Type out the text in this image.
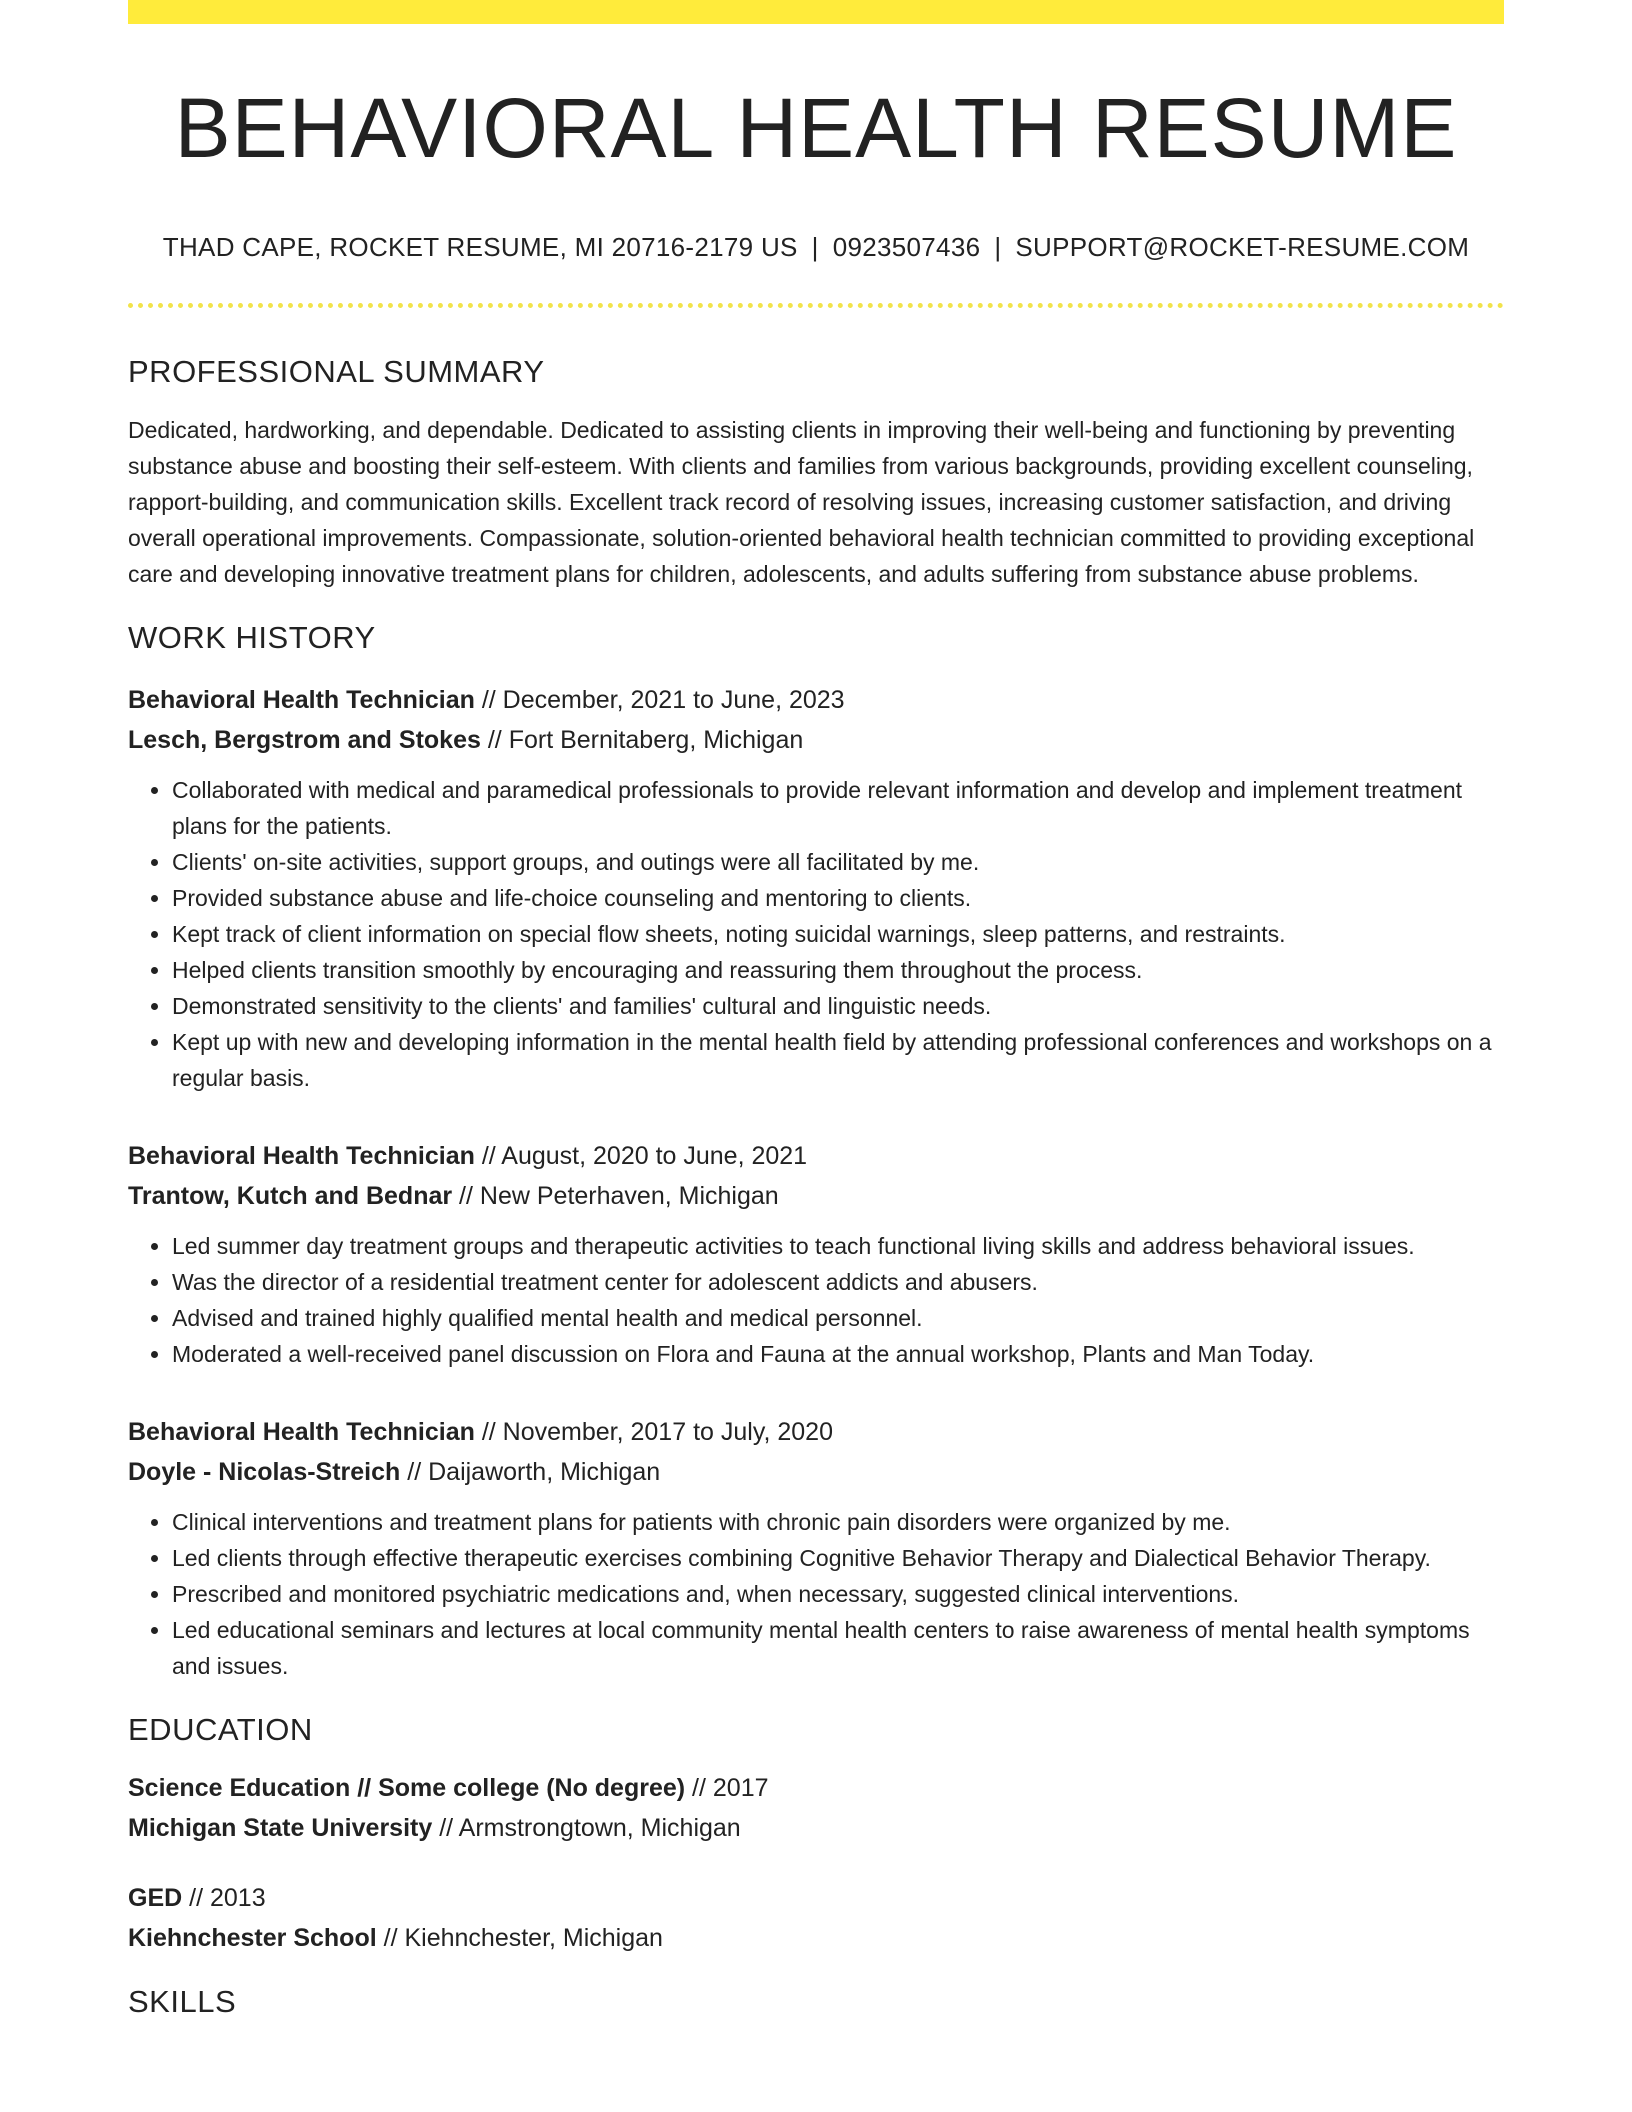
BEHAVIORAL HEALTH RESUME
THAD CAPE, ROCKET RESUME, MI 20716-2179 US | 0923507436 | SUPPORT@ROCKET-RESUME.COM
PROFESSIONAL SUMMARY

Dedicated, hardworking, and dependable. Dedicated to assisting clients in improving their well-being and functioning by preventing substance abuse and boosting their self-esteem. With clients and families from various backgrounds, providing excellent counseling, rapport-building, and communication skills. Excellent track record of resolving issues, increasing customer satisfaction, and driving overall operational improvements. Compassionate, solution-oriented behavioral health technician committed to providing exceptional care and developing innovative treatment plans for children, adolescents, and adults suffering from substance abuse problems.

WORK HISTORY
Behavioral Health Technician // December, 2021 to June, 2023
Lesch, Bergstrom and Stokes // Fort Bernitaberg, Michigan
• Collaborated with medical and paramedical professionals to provide relevant information and develop and implement treatment plans for the patients.
• Clients' on-site activities, support groups, and outings were all facilitated by me.
• Provided substance abuse and life-choice counseling and mentoring to clients.
• Kept track of client information on special flow sheets, noting suicidal warnings, sleep patterns, and restraints.
• Helped clients transition smoothly by encouraging and reassuring them throughout the process.
• Demonstrated sensitivity to the clients' and families' cultural and linguistic needs.
• Kept up with new and developing information in the mental health field by attending professional conferences and workshops on a regular basis.
Behavioral Health Technician // August, 2020 to June, 2021
Trantow, Kutch and Bednar // New Peterhaven, Michigan
• Led summer day treatment groups and therapeutic activities to teach functional living skills and address behavioral issues.
• Was the director of a residential treatment center for adolescent addicts and abusers.
• Advised and trained highly qualified mental health and medical personnel.
• Moderated a well-received panel discussion on Flora and Fauna at the annual workshop, Plants and Man Today.
Behavioral Health Technician // November, 2017 to July, 2020
Doyle - Nicolas-Streich // Daijaworth, Michigan
• Clinical interventions and treatment plans for patients with chronic pain disorders were organized by me.
• Led clients through effective therapeutic exercises combining Cognitive Behavior Therapy and Dialectical Behavior Therapy.
• Prescribed and monitored psychiatric medications and, when necessary, suggested clinical interventions.
• Led educational seminars and lectures at local community mental health centers to raise awareness of mental health symptoms and issues.
EDUCATION
Science Education // Some college (No degree) // 2017
Michigan State University // Armstrongtown, Michigan
GED // 2013
Kiehnchester School // Kiehnchester, Michigan
SKILLS
